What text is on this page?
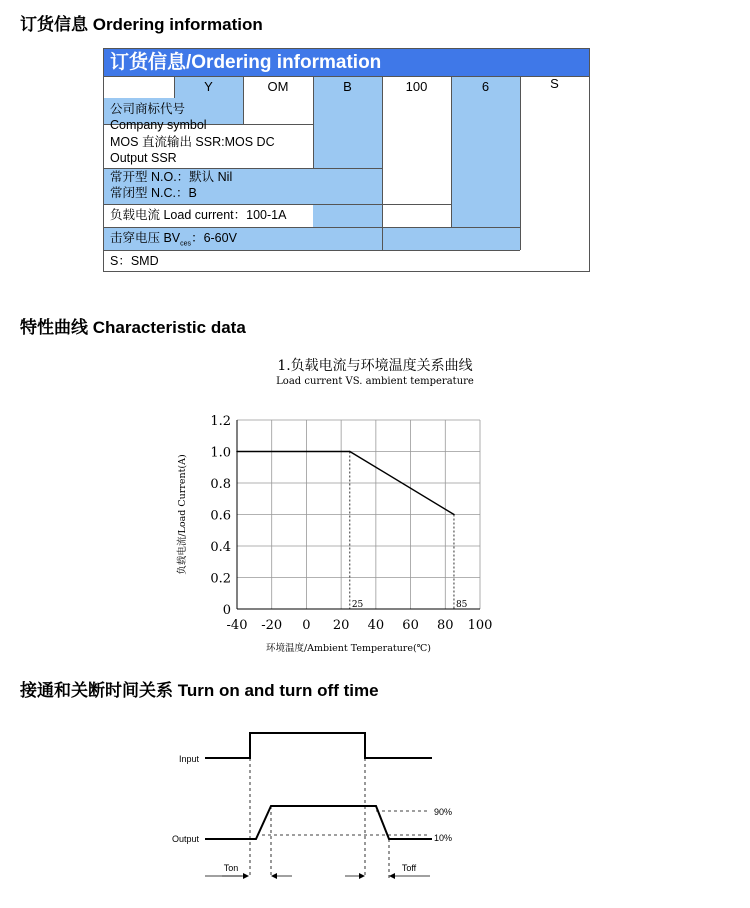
订货信息 Ordering information
订货信息/Ordering information
Y	OM	B	100	6	S
公司商标代号
Company symbol
MOS 直流输出 SSR:MOS DC
Output SSR
常开型 N.O.：默认 Nil
常闭型 N.C.：B
负载电流 Load current：100-1A
击穿电压 $BV_{ces}$：6-60V
S：SMD
特性曲线 Characteristic data
1.负载电流与环境温度关系曲线
Load current VS. ambient temperature
-40 -20 0 20 40 60 80 100
0
0.2
0.4
0.6
0.8
1.0
1.2
25	85
环境温度/Ambient Temperature(℃)
负载电流/Load Current(A)
接通和关断时间关系 Turn on and turn off time
Input
Output
90%
10%
Ton	Toff
